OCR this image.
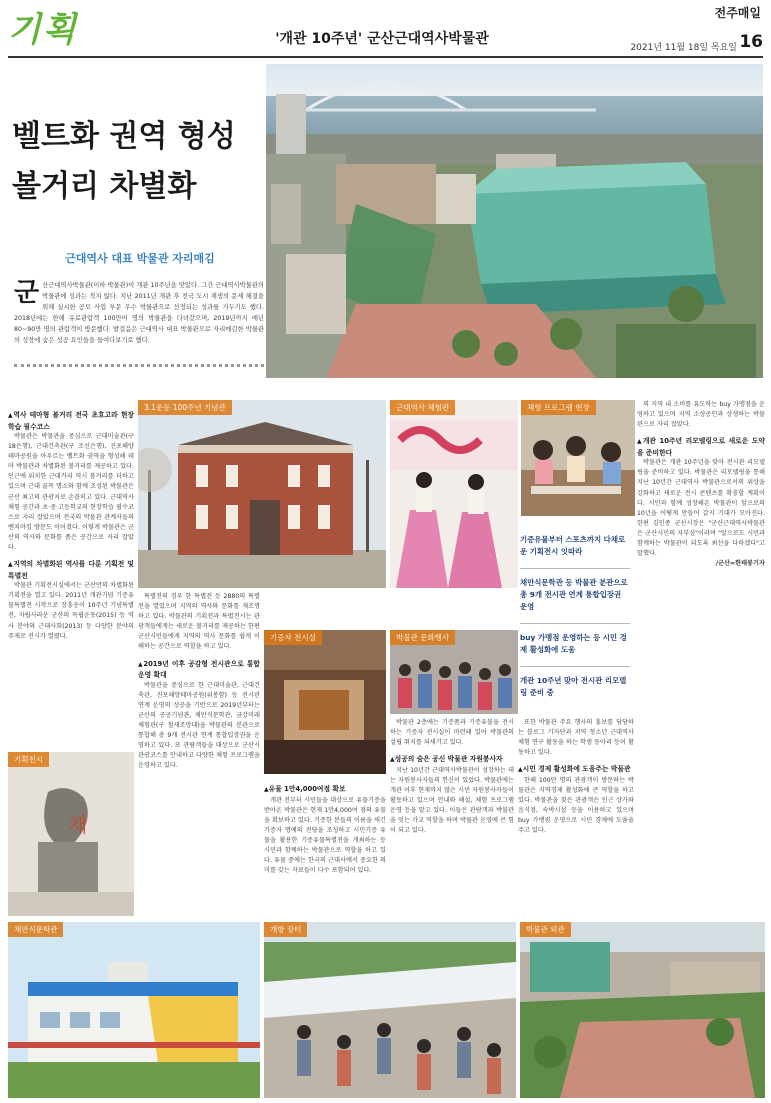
기획	'개관 10주년' 군산근대역사박물관
전주매일
2021년 11월 18일 목요일 16
벨트화 권역 형성
볼거리 차별화
근대역사 대표 박물관 자리매김
군산근대역사박물관(이하 박물관)이 개관 10주년을 맞았다. 그간 근대역사박물관의 박물관에 성과는 적지 않다. 지난 2011년 개관 후 전국 도시 재생의 문제 해결을 위해 실시한 공모 사업 부문 우수 박물관으로 선정되는 성과를 거두기도 했다. 2018년에는 한해 유료관람객 100만여 명의 박물관을 다녀갔으며, 2019년까지 매년 80~90만 명의 관람객이 방문했다. 발걸음은 근대역사 대표 박물관으로 자리매김한 박물관의 성장에 숨은 성공 요인들을 들여다보기로 했다.
▲ 역사 테마형 볼거리 전국 초호고라 현장학습 필수코스

박물관은 박물관을 중심으로 근대미술관(구 18은행), 근대건축관(구 조선은행), 진포해양테마공원을 아우르는 벨트화 권역을 형성해 테마 박물관과 차별화된 볼거리를 제공하고 있다. 인근에 위치한 근대거리 역시 볼거리를 더하고 있으며 근대 골목 명소와 함께 조성된 박물관은 군산 최고의 관광지로 손꼽히고 있다. 근대역사 체험 공간과 초·중·고등학교의 현장학습 필수코스로 자리 잡았으며 전국의 박물관 관계자들의 벤치마킹 방문도 이어졌다. 이렇게 박물관은 군산의 역사와 문화를 품은 공간으로 자리 잡았다.

▲ 지역의 차별화된 역사를 다룬 기획전 및 특별전

박물관 기획전시실에서는 군산만의 차별화된 기획전을 열고 있다. 2011년 개관기념 기증유물특별전 시작으로 장흥옹이 10주년 기념특별전, 자립사라운 군산의 독립운동(2015) 등 역사 분야와 근대사회(2013) 등 다양한 분야의 주제로 전시가 열렸다.

3.1운동 100주년 기념관	근대역사 체험관	체험 프로그램 현장
기증유물부터 스포츠까지 다채로운 기획전시 잇따라
채만식문학관 등 박물관 분관으로 총 9개 전시관 연계 통합입장권 운영
buy 가맹점 운영하는 등 시민 경제 활성화에 도움
개관 10주년 맞아 전시관 리모델링 준비 중

의 지역 내 소비를 유도하는 buy 가맹점을 운영하고 있으며 지역 소상공인과 상생하는 박물관으로 자리 잡았다.

▲ 개관 10주년 리모델링으로 새로운 도약을 준비한다

박물관은 개관 10주년을 맞아 전시관 리모델링을 준비하고 있다. 박물관은 리모델링을 통해 지난 10년간 근대역사 박물관으로서의 위상을 강화하고 새로운 전시 콘텐츠를 확충할 계획이다. 시민과 함께 성장해온 박물관이 앞으로의 10년을 어떻게 만들어 갈지 기대가 모아진다. 한편 김인종 군산시장은 "군산근대역사박물관은 군산시민의 자부심"이라며 "앞으로도 시민과 함께하는 박물관이 되도록 최선을 다하겠다"고 말했다.

/군산=한태봉기자

특별전의 경우 한 특별전 등 2880의 특별전을 열었으며 지역의 역사와 문화를 재조명하고 있다. 박물관의 기획전과 특별전시는 관광객들에게는 새로운 볼거리를 제공하는 한편 군산시민들에게 지역의 역사 문화를 쉽게 이해하는 공간으로 역할을 하고 있다.

▲ 2019년 이후 공감형 전시관으로 통합운영 확대

박물관을 중심으로 한 근대미술관, 근대건축관, 진포해양테마공원(위봉함) 등 전시관 연계 운영의 성공을 기반으로 2019년부터는 군산의 공공기념관, 채만식문학관, 금강미래체험관(구 철새조망대)을 박물관의 분관으로 통합해 총 9개 전시관 연계 통합입장권을 운영하고 있다. 또 관람객들을 대상으로 군산시 관광코스를 안내하고 다양한 체험 프로그램을 운영하고 있다.

기증자 전시실	박물관 문화행사

박물관 2층에는 기증품과 기증유물을 전시하는 기증자 전시실이 마련돼 있어 박물관의 설립 취지를 되새기고 있다.

▲ 성공의 숨은 공신 박물관 자원봉사자

지난 10년간 근대역사박물관이 성장하는 데는 자원봉사자들의 헌신이 있었다. 박물관에는 개관 이후 현재까지 많은 시민 자원봉사자들이 활동하고 있으며 안내와 해설, 체험 프로그램 운영 등을 맡고 있다. 이들은 관람객과 박물관을 잇는 가교 역할을 하며 박물관 운영에 큰 힘이 되고 있다.

또한 박물관 주요 행사의 홍보를 담당하는 블로그 기자단과 지역 청소년 근대역사 체험 연구 활동을 하는 학생 동아리 등이 활동하고 있다.

▲ 시민 경제 활성화에 도움주는 박물관

한해 100만 명의 관광객이 방문하는 박물관은 지역경제 활성화에 큰 역할을 하고 있다. 박물관을 찾은 관광객은 인근 상가와 음식점, 숙박시설 등을 이용하고 있으며 buy 가맹점 운영으로 시민 경제에 도움을 주고 있다.

▲ 유물 1만4,000여점 확보

개관 전부터 시민들을 대상으로 유물기증을 받아온 박물관은 현재 1만4,000여 점의 유물을 확보하고 있다. 기증한 분들의 이름을 새긴 기증자 명예의 전당을 조성하고 시민기증 유물을 활용한 기증유물특별전을 개최하는 등 시민과 함께하는 박물관으로 역할을 하고 있다. 유물 중에는 한국의 근대사에서 중요한 의미를 갖는 자료들이 다수 포함되어 있다.

기획전시
채
채만식문학관	개항 장터	박물관 외관
